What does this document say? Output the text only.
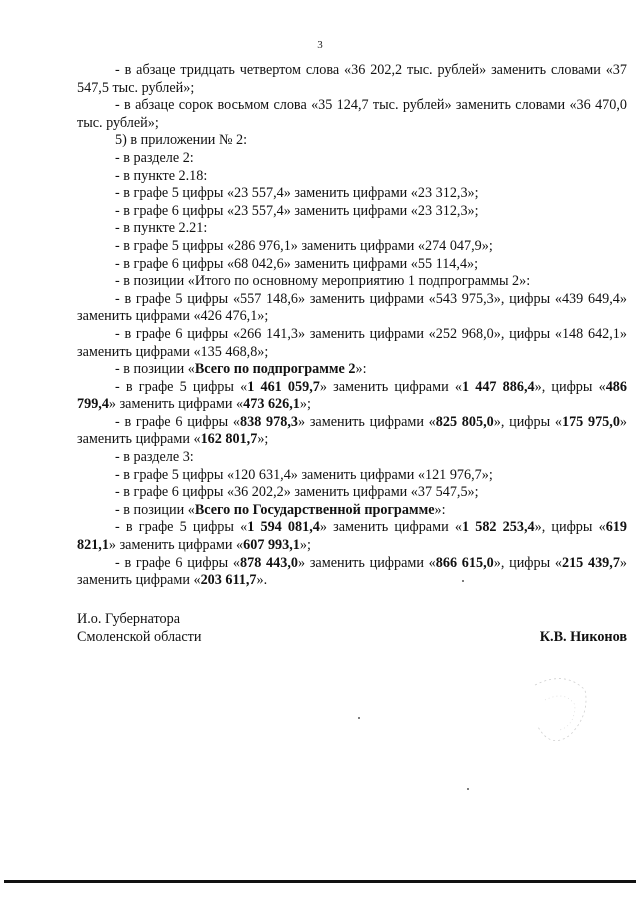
3

- в абзаце тридцать четвертом слова «36 202,2 тыс. рублей» заменить словами «37 547,5 тыс. рублей»;

- в абзаце сорок восьмом слова «35 124,7 тыс. рублей» заменить словами «36 470,0 тыс. рублей»;

5) в приложении № 2:

- в разделе 2:

- в пункте 2.18:

- в графе 5 цифры «23 557,4» заменить цифрами «23 312,3»;

- в графе 6 цифры «23 557,4» заменить цифрами «23 312,3»;

- в пункте 2.21:

- в графе 5 цифры «286 976,1» заменить цифрами «274 047,9»;

- в графе 6 цифры «68 042,6» заменить цифрами «55 114,4»;

- в позиции «Итого по основному мероприятию 1 подпрограммы 2»:

- в графе 5 цифры «557 148,6» заменить цифрами «543 975,3», цифры «439 649,4» заменить цифрами «426 476,1»;

- в графе 6 цифры «266 141,3» заменить цифрами «252 968,0», цифры «148 642,1» заменить цифрами «135 468,8»;

- в позиции «Всего по подпрограмме 2»:

- в графе 5 цифры «1 461 059,7» заменить цифрами «1 447 886,4», цифры «486 799,4» заменить цифрами «473 626,1»;

- в графе 6 цифры «838 978,3» заменить цифрами «825 805,0», цифры «175 975,0» заменить цифрами «162 801,7»;

- в разделе 3:

- в графе 5 цифры «120 631,4» заменить цифрами «121 976,7»;

- в графе 6 цифры «36 202,2» заменить цифрами «37 547,5»;

- в позиции «Всего по Государственной программе»:

- в графе 5 цифры «1 594 081,4» заменить цифрами «1 582 253,4», цифры «619 821,1» заменить цифрами «607 993,1»;

- в графе 6 цифры «878 443,0» заменить цифрами «866 615,0», цифры «215 439,7» заменить цифрами «203 611,7».

И.о. Губернатора
Смоленской области	К.В. Никонов
